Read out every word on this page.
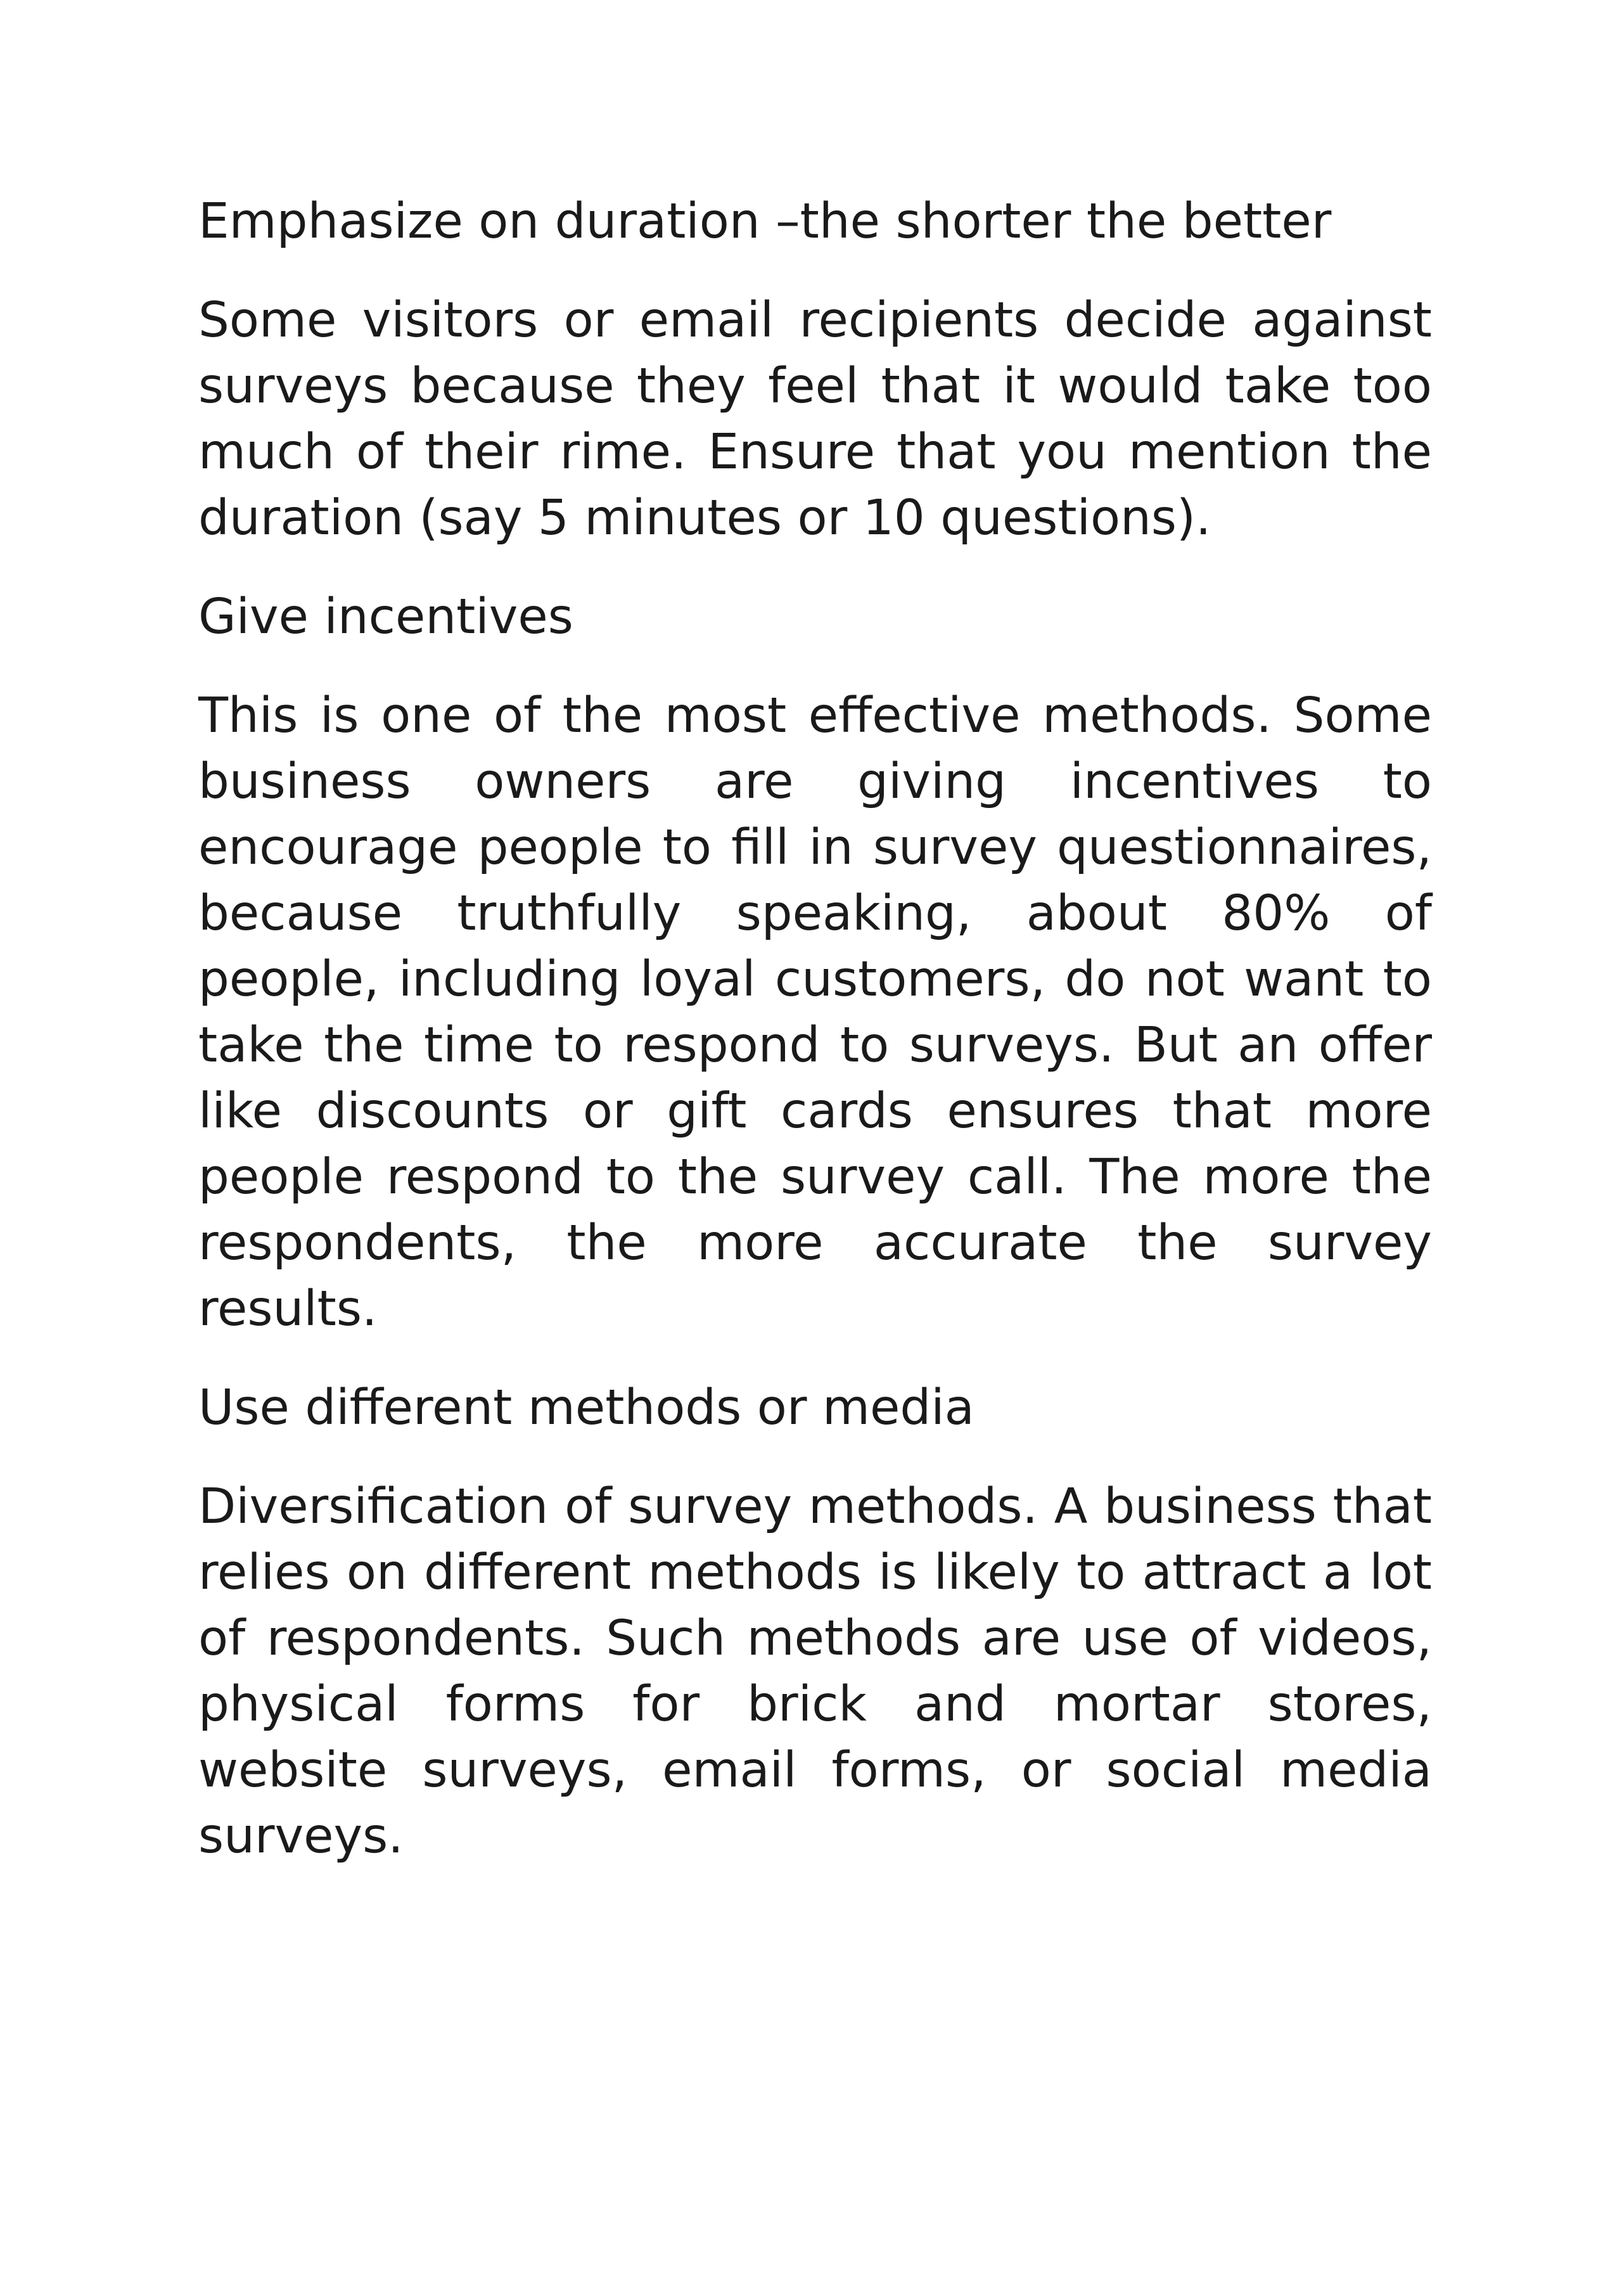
Emphasize on duration –the shorter the better

Some visitors or email recipients decide against surveys because they feel that it would take too much of their rime. Ensure that you mention the duration (say 5 minutes or 10 questions).

Give incentives

This is one of the most effective methods. Some business owners are giving incentives to encourage people to fill in survey questionnaires, because truthfully speaking, about 80% of people, including loyal customers, do not want to take the time to respond to surveys. But an offer like discounts or gift cards ensures that more people respond to the survey call. The more the respondents, the more accurate the survey results.

Use different methods or media

Diversification of survey methods. A business that relies on different methods is likely to attract a lot of respondents. Such methods are use of videos, physical forms for brick and mortar stores, website surveys, email forms, or social media surveys.
